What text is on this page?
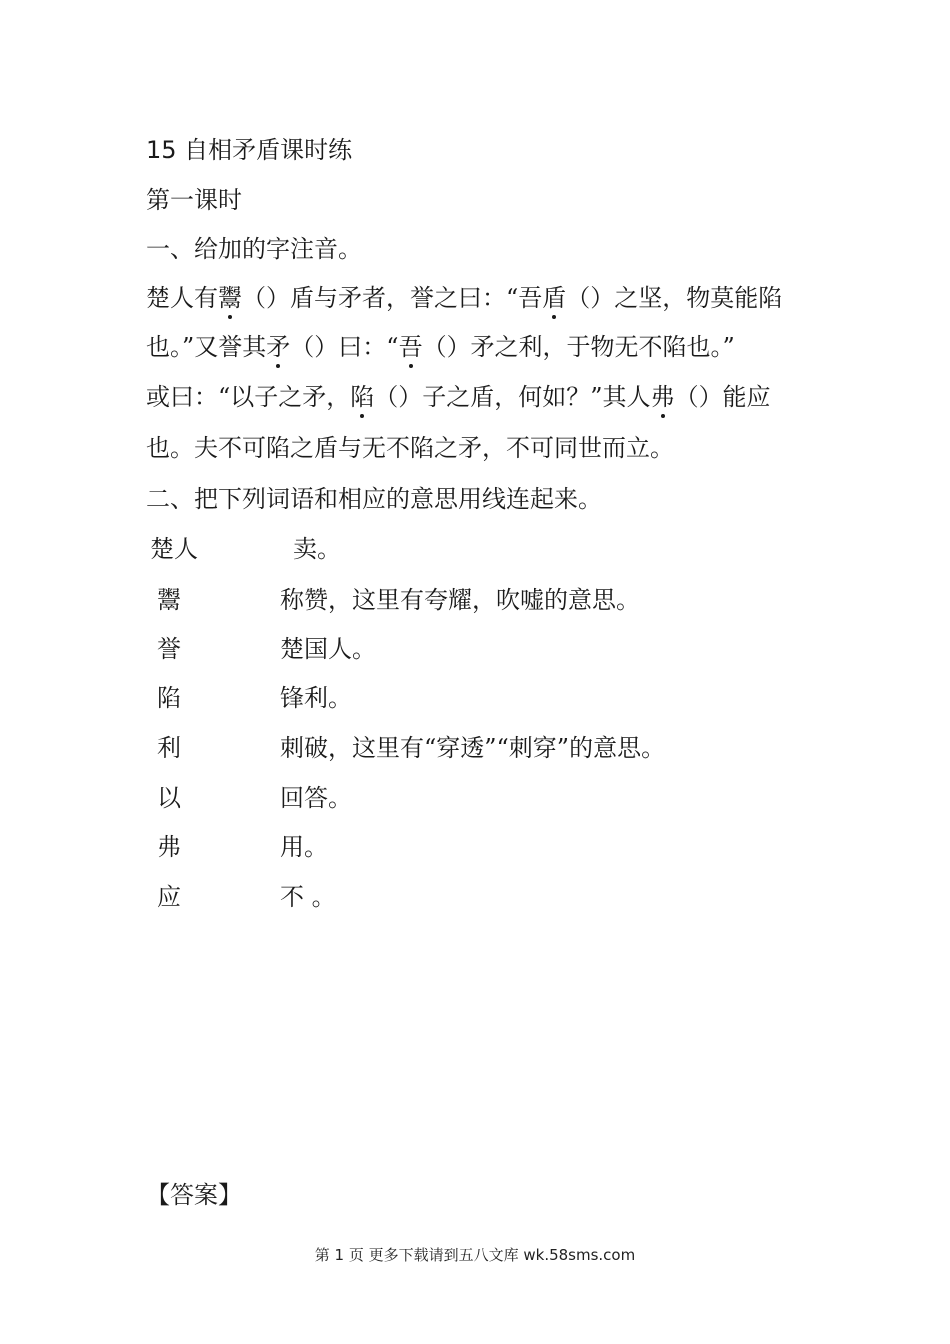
15 自相矛盾课时练
第一课时
一、给加的字注音。
楚人有鬻（）盾与矛者，誉之曰：“吾盾（）之坚，物莫能陷
也。”又誉其矛（）曰：“吾（）矛之利，于物无不陷也。”
或曰：“以子之矛，陷（）子之盾，何如？”其人弗（）能应
也。夫不可陷之盾与无不陷之矛，不可同世而立。
二、把下列词语和相应的意思用线连起来。
楚人
鬻
誉
陷
利
以
弗
应
卖。
称赞，这里有夸耀，吹嘘的意思。
楚国人。
锋利。
刺破，这里有“穿透”“刺穿”的意思。
回答。
用。
不 。
【答案】
第 1 页 更多下载请到五八文库 wk.58sms.com
